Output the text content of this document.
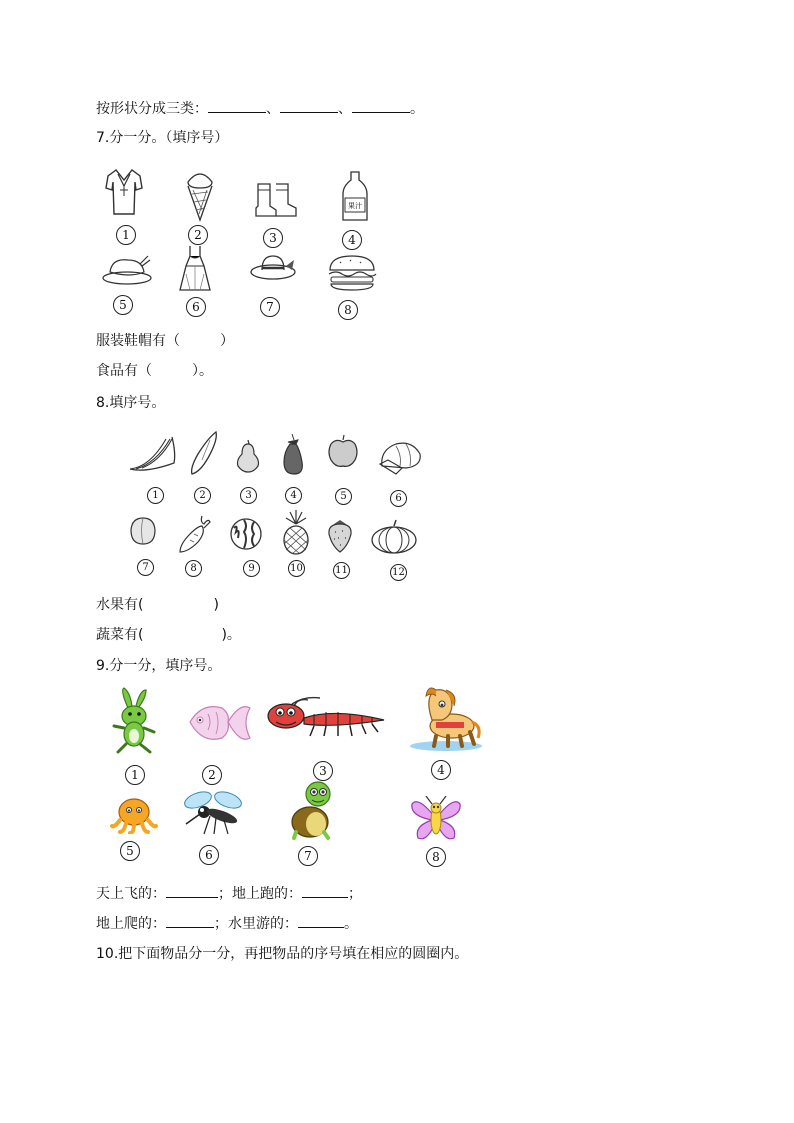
按形状分成三类：	、	、	。
7.分一分。（填序号）
1	2	3
果汁
4
5	6	7	8
服装鞋帽有（	）
食品有（	）。
8.填序号。
1	2	3	4	5	6
7	8	9	10	11	12
水果有(	)
蔬菜有(	)。
9.分一分，填序号。
1	2	3	4
5	6	7	8
天上飞的：	；地上跑的：	；
地上爬的：	；水里游的：	。
10.把下面物品分一分，再把物品的序号填在相应的圆圈内。
